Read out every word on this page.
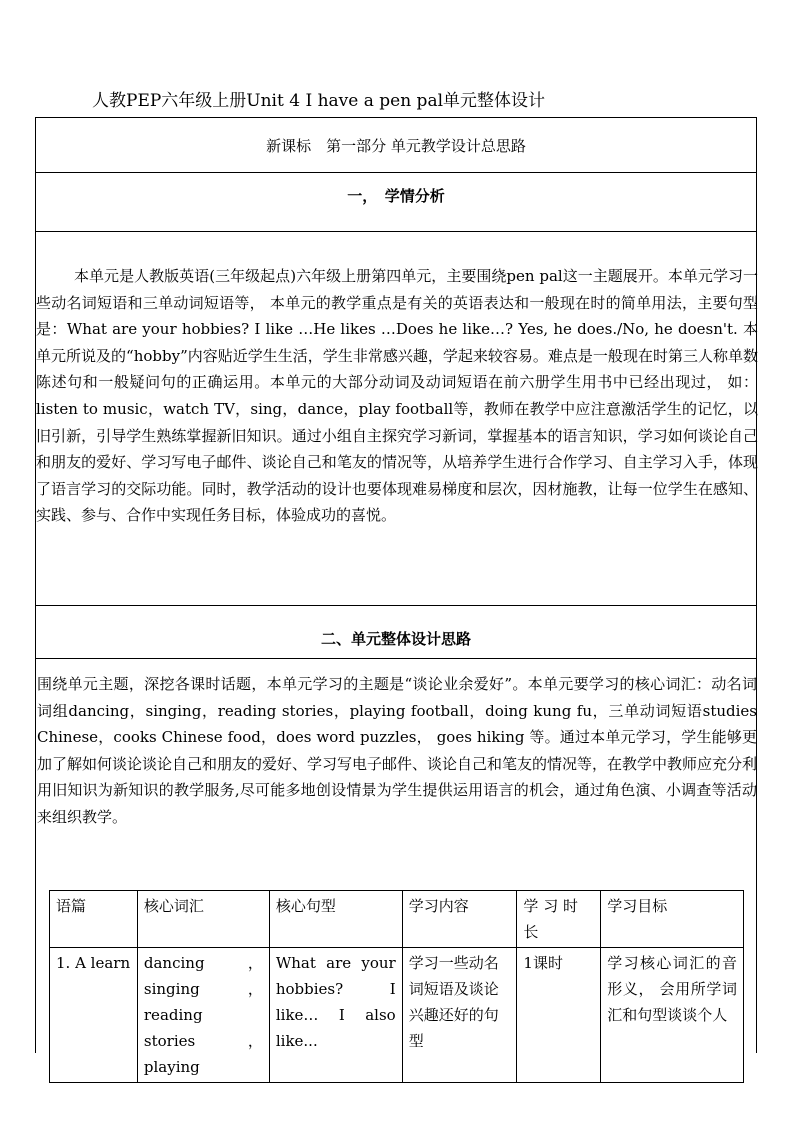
人教PEP六年级上册Unit 4 I have a pen pal单元整体设计
新课标　第一部分 单元教学设计总思路
一，　学情分析
本单元是人教版英语(三年级起点)六年级上册第四单元，主要围绕pen pal这一主题展开。本单元学习一些动名词短语和三单动词短语等， 本单元的教学重点是有关的英语表达和一般现在时的简单用法，主要句型是：What are your hobbies? I like …He likes …Does he like…? Yes, he does./No, he doesn't. 本单元所说及的“hobby”内容贴近学生生活，学生非常感兴趣，学起来较容易。难点是一般现在时第三人称单数陈述句和一般疑问句的正确运用。本单元的大部分动词及动词短语在前六册学生用书中已经出现过， 如：listen to music，watch TV，sing，dance，play football等，教师在教学中应注意激活学生的记忆，以旧引新，引导学生熟练掌握新旧知识。通过小组自主探究学习新词，掌握基本的语言知识，学习如何谈论自己和朋友的爱好、学习写电子邮件、谈论自己和笔友的情况等，从培养学生进行合作学习、自主学习入手，体现了语言学习的交际功能。同时，教学活动的设计也要体现难易梯度和层次，因材施教，让每一位学生在感知、实践、参与、合作中实现任务目标，体验成功的喜悦。
二、单元整体设计思路
围绕单元主题，深挖各课时话题，本单元学习的主题是“谈论业余爱好”。本单元要学习的核心词汇：动名词词组dancing，singing，reading stories，playing football，doing kung fu，三单动词短语studies Chinese，cooks Chinese food，does word puzzles， goes hiking 等。通过本单元学习，学生能够更加了解如何谈论谈论自己和朋友的爱好、学习写电子邮件、谈论自己和笔友的情况等，在教学中教师应充分利用旧知识为新知识的教学服务,尽可能多地创设情景为学生提供运用语言的机会，通过角色演、小调查等活动来组织教学。
语篇	核心词汇	核心句型	学习内容	学 习 时 长	学习目标
1. A learn	dancing　　，singing　　，reading stories，playing	What are your hobbies? I like… I also like...	学习一些动名词短语及谈论兴趣还好的句型	1课时	学习核心词汇的音形义， 会用所学词汇和句型谈谈个人
